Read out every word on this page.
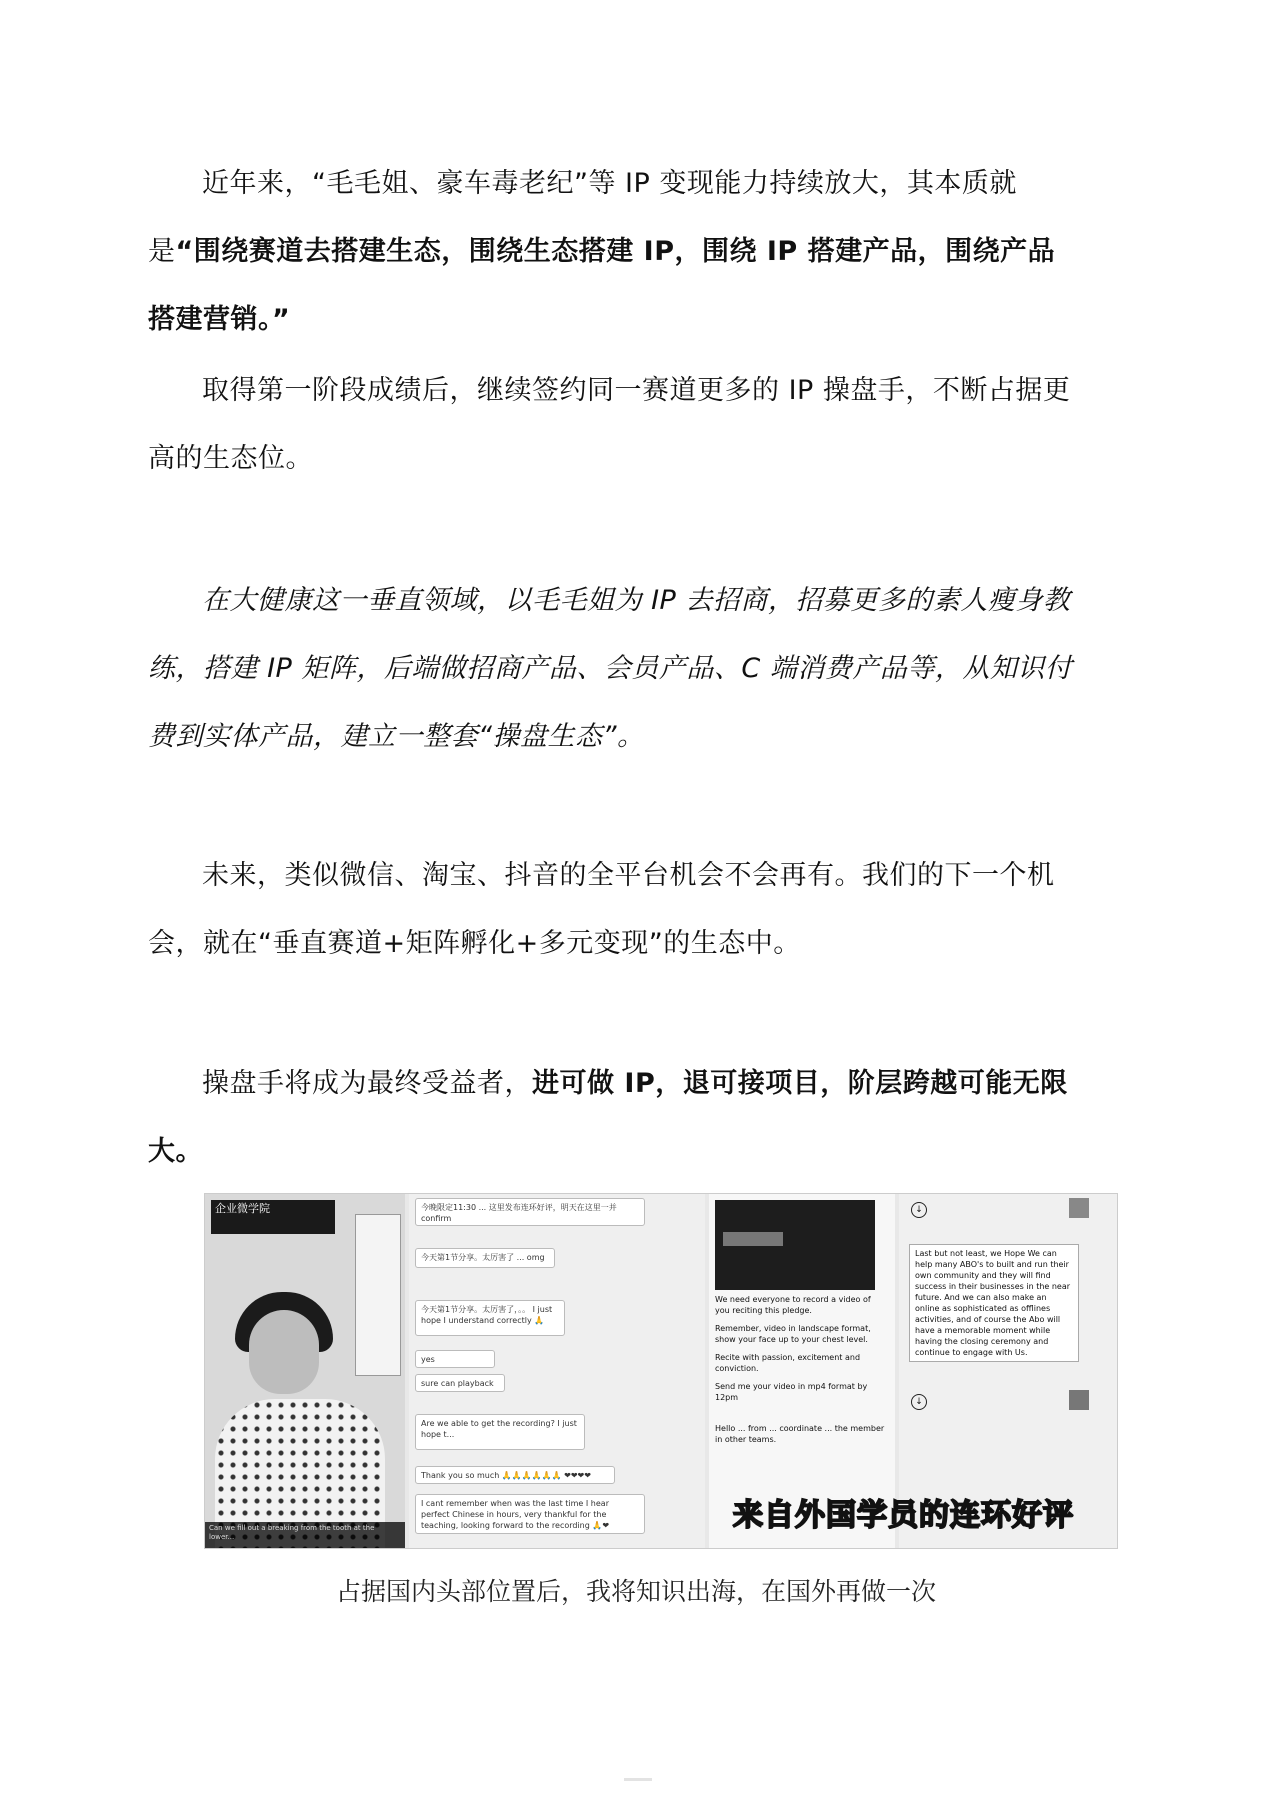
近年来，“毛毛姐、豪车毒老纪”等 IP 变现能力持续放大，其本质就是“围绕赛道去搭建生态，围绕生态搭建 IP，围绕 IP 搭建产品，围绕产品搭建营销。”

取得第一阶段成绩后，继续签约同一赛道更多的 IP 操盘手，不断占据更高的生态位。

在大健康这一垂直领域，以毛毛姐为 IP 去招商，招募更多的素人瘦身教练，搭建 IP 矩阵，后端做招商产品、会员产品、C 端消费产品等，从知识付费到实体产品，建立一整套“操盘生态”。

未来，类似微信、淘宝、抖音的全平台机会不会再有。我们的下一个机会，就在“垂直赛道+矩阵孵化+多元变现”的生态中。

操盘手将成为最终受益者，进可做 IP，退可接项目，阶层跨越可能无限大。

企业微学院
Can we fill out a breaking from the tooth at the lower...
今晚限定11:30 ... 这里发布连环好评，明天在这里一并 confirm
今天第1节分享。太厉害了 ... omg
今天第1节分享。太厉害了，。。 I just hope I understand correctly 🙏
yes
sure can playback
Are we able to get the recording? I just hope t...
Thank you so much 🙏🙏🙏🙏🙏🙏 ❤❤❤❤
I cant remember when was the last time I hear perfect Chinese in hours, very thankful for the teaching, looking forward to the recording 🙏❤
We need everyone to record a video of you reciting this pledge.
Remember, video in landscape format, show your face up to your chest level.
Recite with passion, excitement and conviction.
Send me your video in mp4 format by 12pm
Hello ... from ... coordinate ... the member in other teams.
↓
Last but not least, we Hope We can help many ABO's to built and run their own community and they will find success in their businesses in the near future. And we can also make an online as sophisticated as offlines activities, and of course the Abo will have a memorable moment while having the closing ceremony and continue to engage with Us.
↓
来自外国学员的连环好评

占据国内头部位置后，我将知识出海，在国外再做一次
